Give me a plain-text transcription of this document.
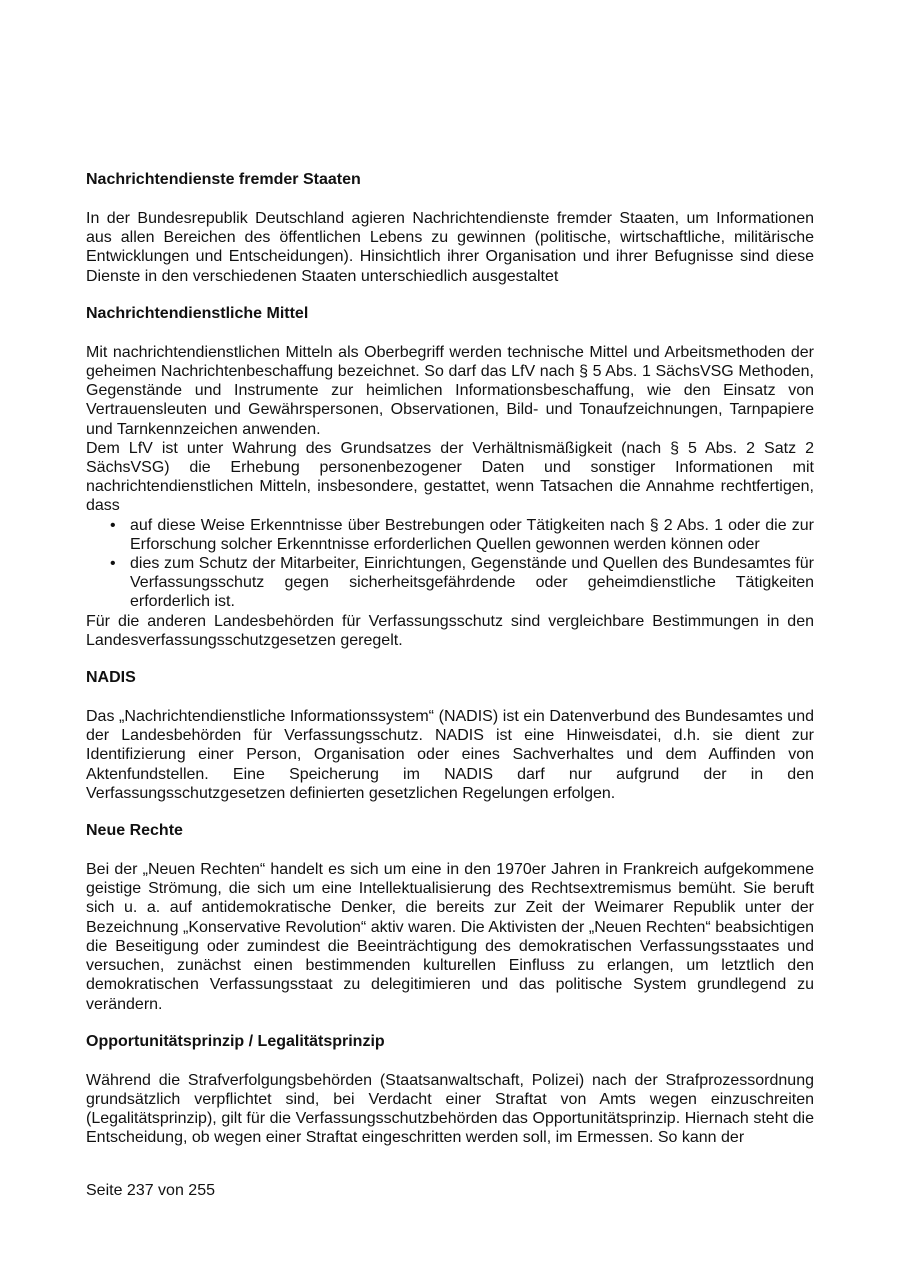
Nachrichtendienste fremder Staaten

In der Bundesrepublik Deutschland agieren Nachrichtendienste fremder Staaten, um Informationen aus allen Bereichen des öffentlichen Lebens zu gewinnen (politische, wirtschaftliche, militärische Entwicklungen und Entscheidungen). Hinsichtlich ihrer Organisation und ihrer Befugnisse sind diese Dienste in den verschiedenen Staaten unterschiedlich ausgestaltet

Nachrichtendienstliche Mittel

Mit nachrichtendienstlichen Mitteln als Oberbegriff werden technische Mittel und Arbeitsmethoden der geheimen Nachrichtenbeschaffung bezeichnet. So darf das LfV nach § 5 Abs. 1 SächsVSG Methoden, Gegenstände und Instrumente zur heimlichen Informationsbeschaffung, wie den Einsatz von Vertrauensleuten und Gewährspersonen, Observationen, Bild- und Tonaufzeichnungen, Tarnpapiere und Tarnkennzeichen anwenden.

Dem LfV ist unter Wahrung des Grundsatzes der Verhältnismäßigkeit (nach § 5 Abs. 2 Satz 2 SächsVSG) die Erhebung personenbezogener Daten und sonstiger Informationen mit nachrichtendienstlichen Mitteln, insbesondere, gestattet, wenn Tatsachen die Annahme rechtfertigen, dass

• auf diese Weise Erkenntnisse über Bestrebungen oder Tätigkeiten nach § 2 Abs. 1 oder die zur Erforschung solcher Erkenntnisse erforderlichen Quellen gewonnen werden können oder
• dies zum Schutz der Mitarbeiter, Einrichtungen, Gegenstände und Quellen des Bundesamtes für Verfassungsschutz gegen sicherheitsgefährdende oder geheimdienstliche Tätigkeiten erforderlich ist.

Für die anderen Landesbehörden für Verfassungsschutz sind vergleichbare Bestimmungen in den Landesverfassungsschutzgesetzen geregelt.

NADIS

Das „Nachrichtendienstliche Informationssystem“ (NADIS) ist ein Datenverbund des Bundesamtes und der Landesbehörden für Verfassungsschutz. NADIS ist eine Hinweisdatei, d.h. sie dient zur Identifizierung einer Person, Organisation oder eines Sachverhaltes und dem Auffinden von Aktenfundstellen. Eine Speicherung im NADIS darf nur aufgrund der in den Verfassungsschutzgesetzen definierten gesetzlichen Regelungen erfolgen.

Neue Rechte

Bei der „Neuen Rechten“ handelt es sich um eine in den 1970er Jahren in Frankreich aufgekommene geistige Strömung, die sich um eine Intellektualisierung des Rechtsextremismus bemüht. Sie beruft sich u. a. auf antidemokratische Denker, die bereits zur Zeit der Weimarer Republik unter der Bezeichnung „Konservative Revolution“ aktiv waren. Die Aktivisten der „Neuen Rechten“ beabsichtigen die Beseitigung oder zumindest die Beeinträchtigung des demokratischen Verfassungsstaates und versuchen, zunächst einen bestimmenden kulturellen Einfluss zu erlangen, um letztlich den demokratischen Verfassungsstaat zu delegitimieren und das politische System grundlegend zu verändern.

Opportunitätsprinzip / Legalitätsprinzip

Während die Strafverfolgungsbehörden (Staatsanwaltschaft, Polizei) nach der Strafprozessordnung grundsätzlich verpflichtet sind, bei Verdacht einer Straftat von Amts wegen einzuschreiten (Legalitätsprinzip), gilt für die Verfassungsschutzbehörden das Opportunitätsprinzip. Hiernach steht die Entscheidung, ob wegen einer Straftat eingeschritten werden soll, im Ermessen. So kann der

Seite 237 von 255
